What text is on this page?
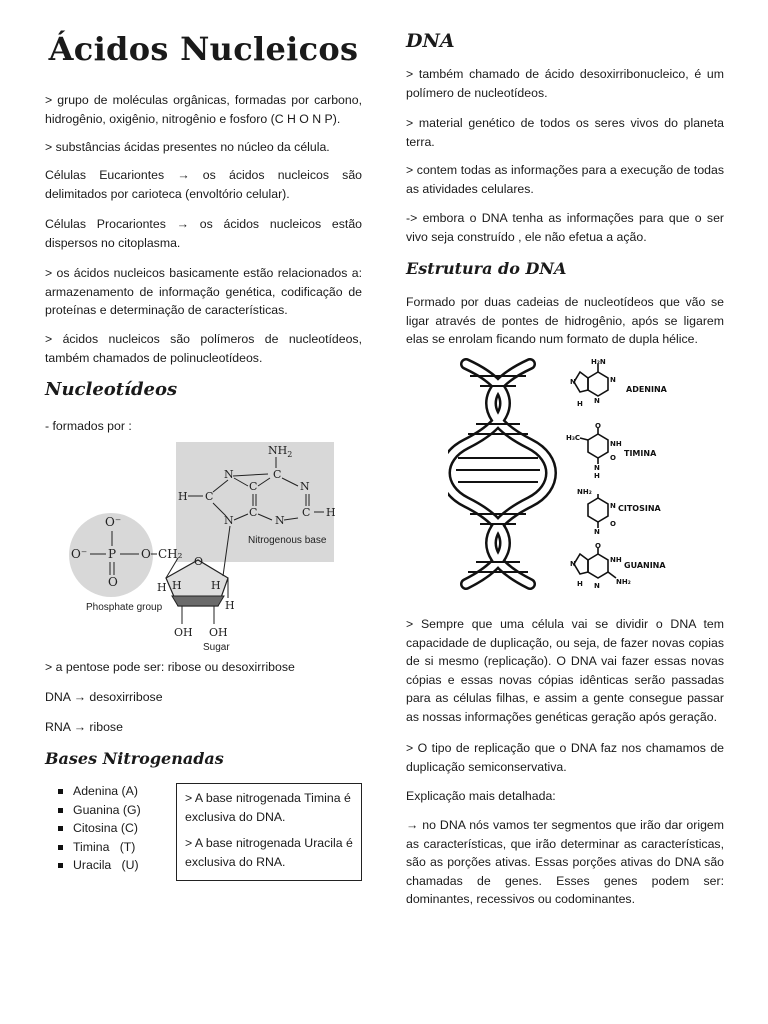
Ácidos Nucleicos

> grupo de moléculas orgânicas, formadas por carbono, hidrogênio, oxigênio, nitrogênio e fosforo (C H O N P).

> substâncias ácidas presentes no núcleo da célula.

Células Eucariontes → os ácidos nucleicos são delimitados por carioteca (envoltório celular).

Células Procariontes → os ácidos nucleicos estão dispersos no citoplasma.

> os ácidos nucleicos basicamente estão relacionados a: armazenamento de informação genética, codificação de proteínas e determinação de características.

> ácidos nucleicos são polímeros de nucleotídeos, também chamados de polinucleotídeos.

Nucleotídeos

- formados por :

O⁻
O⁻ P
O
O CH₂
O
H H	H
H
OH OH
$NH_2$
C
N
N
H C
C
C
N	N
C H
Nitrogenous base
Phosphate group
Sugar

> a pentose pode ser: ribose ou desoxirribose

DNA → desoxirribose

RNA → ribose

Bases Nitrogenadas
Adenina (A)
Guanina (G)
Citosina (C)
Timina   (T)
Uracila   (U)

> A base nitrogenada Timina é exclusiva do DNA.

> A base nitrogenada Uracila é exclusiva do RNA.

DNA

> também chamado de ácido desoxirribonucleico, é um polímero de nucleotídeos.

> material genético de todos os seres vivos do planeta terra.

> contem todas as informações para a execução de todas as atividades celulares.

-> embora o DNA tenha as informações para que o ser vivo seja construído , ele não efetua a ação.

Estrutura do DNA

Formado por duas cadeias de nucleotídeos que vão se ligar através de pontes de hidrogênio, após se ligarem elas se enrolam ficando num formato de dupla hélice.

H₂N
N
N
N
H
ADENINA
H₃C
O
NH
O
N
H
TIMINA
NH₂
N
O
N
CITOSINA
O
NH
N
NH₂
N
H
GUANINA

> Sempre que uma célula vai se dividir o DNA tem capacidade de duplicação, ou seja, de fazer novas copias de si mesmo (replicação). O DNA vai fazer essas novas cópias e essas novas cópias idênticas serão passadas para as células filhas, e assim a gente consegue passar as nossas informações genéticas geração após geração.

> O tipo de replicação que o DNA faz nos chamamos de duplicação semiconservativa.

Explicação mais detalhada:

→ no DNA nós vamos ter segmentos que irão dar origem as características, que irão determinar as características, são as porções ativas. Essas porções ativas do DNA são chamadas de genes. Esses genes podem ser: dominantes, recessivos ou codominantes.
